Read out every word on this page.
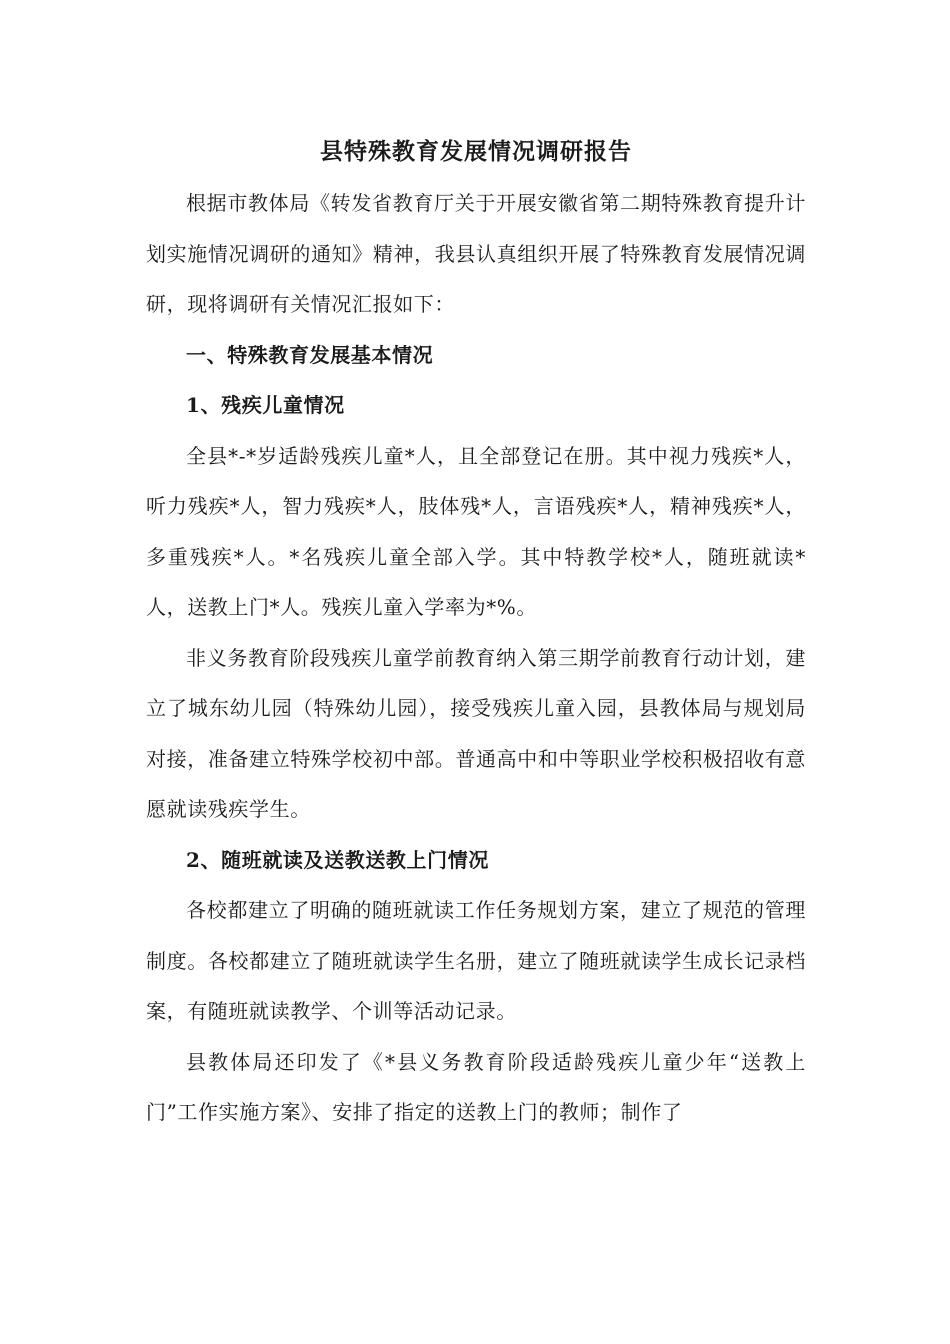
县特殊教育发展情况调研报告

根据市教体局《转发省教育厅关于开展安徽省第二期特殊教育提升计划实施情况调研的通知》精神，我县认真组织开展了特殊教育发展情况调研，现将调研有关情况汇报如下：

一、特殊教育发展基本情况

1、残疾儿童情况

全县*-*岁适龄残疾儿童*人，且全部登记在册。其中视力残疾*人，听力残疾*人，智力残疾*人，肢体残*人，言语残疾*人，精神残疾*人，多重残疾*人。*名残疾儿童全部入学。其中特教学校*人，随班就读*人，送教上门*人。残疾儿童入学率为*%。

非义务教育阶段残疾儿童学前教育纳入第三期学前教育行动计划，建立了城东幼儿园（特殊幼儿园），接受残疾儿童入园，县教体局与规划局对接，准备建立特殊学校初中部。普通高中和中等职业学校积极招收有意愿就读残疾学生。

2、随班就读及送教送教上门情况

各校都建立了明确的随班就读工作任务规划方案，建立了规范的管理制度。各校都建立了随班就读学生名册，建立了随班就读学生成长记录档案，有随班就读教学、个训等活动记录。

县教体局还印发了《*县义务教育阶段适龄残疾儿童少年“送教上门”工作实施方案》、安排了指定的送教上门的教师；制作了
